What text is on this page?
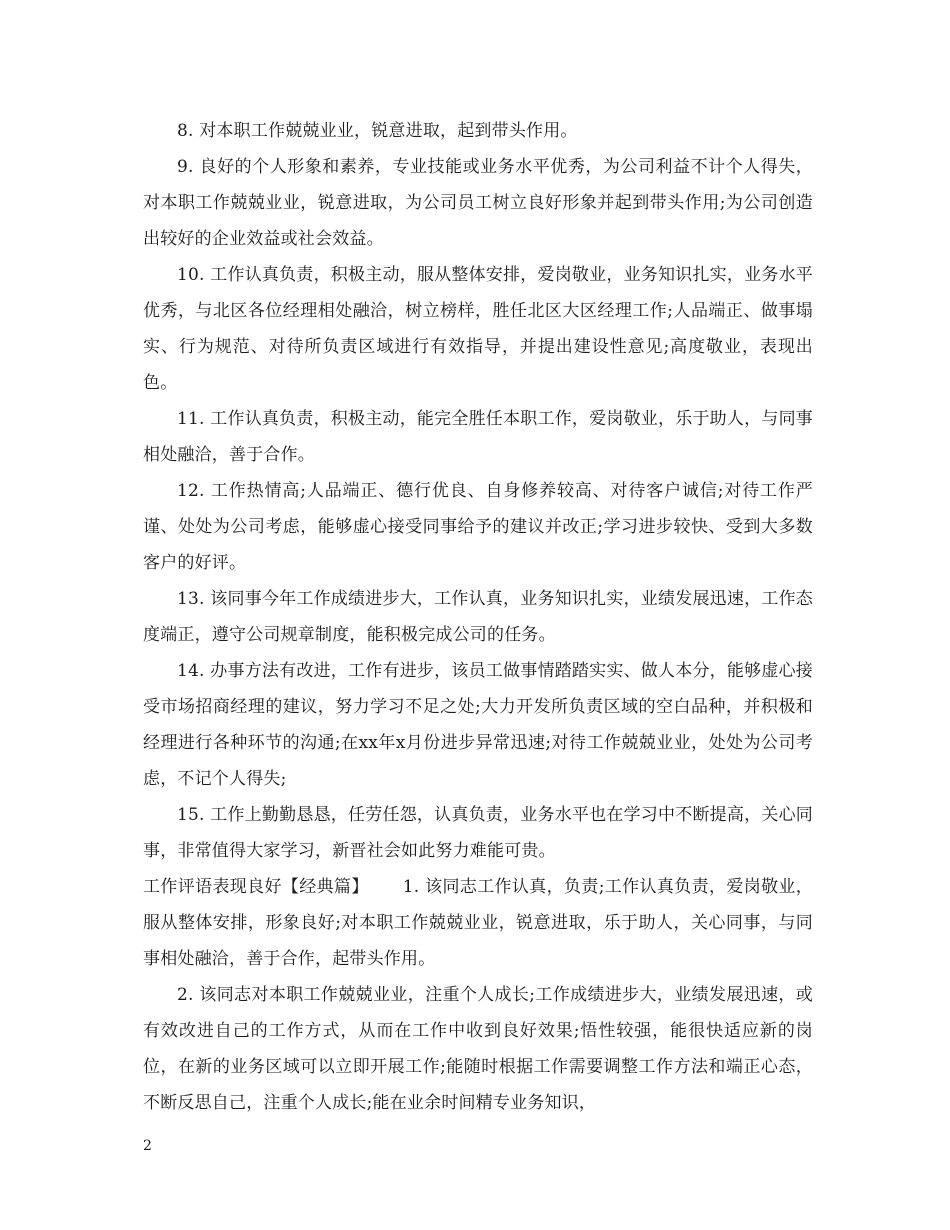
8. 对本职工作兢兢业业，锐意进取，起到带头作用。

9. 良好的个人形象和素养，专业技能或业务水平优秀，为公司利益不计个人得失，对本职工作兢兢业业，锐意进取，为公司员工树立良好形象并起到带头作用;为公司创造出较好的企业效益或社会效益。

10. 工作认真负责，积极主动，服从整体安排，爱岗敬业，业务知识扎实，业务水平优秀，与北区各位经理相处融洽，树立榜样，胜任北区大区经理工作;人品端正、做事塌实、行为规范、对待所负责区域进行有效指导，并提出建设性意见;高度敬业，表现出色。

11. 工作认真负责，积极主动，能完全胜任本职工作，爱岗敬业，乐于助人，与同事相处融洽，善于合作。

12. 工作热情高;人品端正、德行优良、自身修养较高、对待客户诚信;对待工作严谨、处处为公司考虑，能够虚心接受同事给予的建议并改正;学习进步较快、受到大多数客户的好评。

13. 该同事今年工作成绩进步大，工作认真，业务知识扎实，业绩发展迅速，工作态度端正，遵守公司规章制度，能积极完成公司的任务。

14. 办事方法有改进，工作有进步，该员工做事情踏踏实实、做人本分，能够虚心接受市场招商经理的建议，努力学习不足之处;大力开发所负责区域的空白品种，并积极和经理进行各种环节的沟通;在xx年x月份进步异常迅速;对待工作兢兢业业，处处为公司考虑，不记个人得失;

15. 工作上勤勤恳恳，任劳任怨，认真负责，业务水平也在学习中不断提高，关心同事，非常值得大家学习，新晋社会如此努力难能可贵。

工作评语表现良好【经典篇】 1. 该同志工作认真，负责;工作认真负责，爱岗敬业，服从整体安排，形象良好;对本职工作兢兢业业，锐意进取，乐于助人，关心同事，与同事相处融洽，善于合作，起带头作用。

2. 该同志对本职工作兢兢业业，注重个人成长;工作成绩进步大，业绩发展迅速，或有效改进自己的工作方式，从而在工作中收到良好效果;悟性较强，能很快适应新的岗位，在新的业务区域可以立即开展工作;能随时根据工作需要调整工作方法和端正心态，不断反思自己，注重个人成长;能在业余时间精专业务知识，

2
